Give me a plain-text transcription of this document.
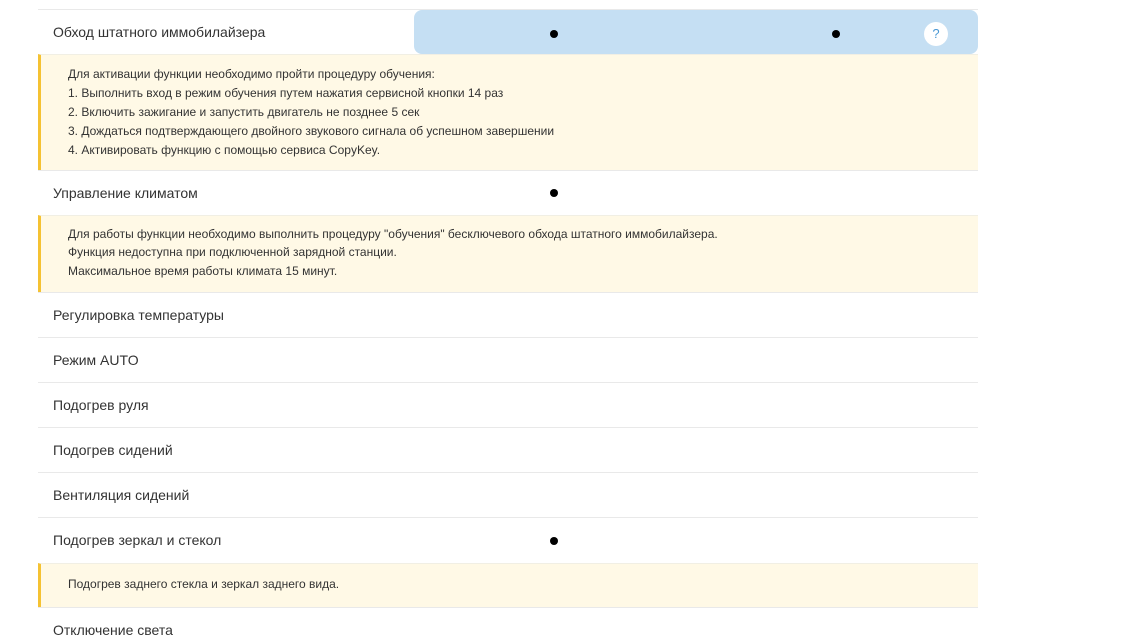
Обход штатного иммобилайзера	?
Для активации функции необходимо пройти процедуру обучения:
1. Выполнить вход в режим обучения путем нажатия сервисной кнопки 14 раз
2. Включить зажигание и запустить двигатель не позднее 5 сек
3. Дождаться подтверждающего двойного звукового сигнала об успешном завершении
4. Активировать функцию с помощью сервиса CopyKey.
Управление климатом
Для работы функции необходимо выполнить процедуру "обучения" бесключевого обхода штатного иммобилайзера.
Функция недоступна при подключенной зарядной станции.
Максимальное время работы климата 15 минут.
Регулировка температуры
Режим AUTO
Подогрев руля
Подогрев сидений
Вентиляция сидений
Подогрев зеркал и стекол
Подогрев заднего стекла и зеркал заднего вида.
Отключение света
